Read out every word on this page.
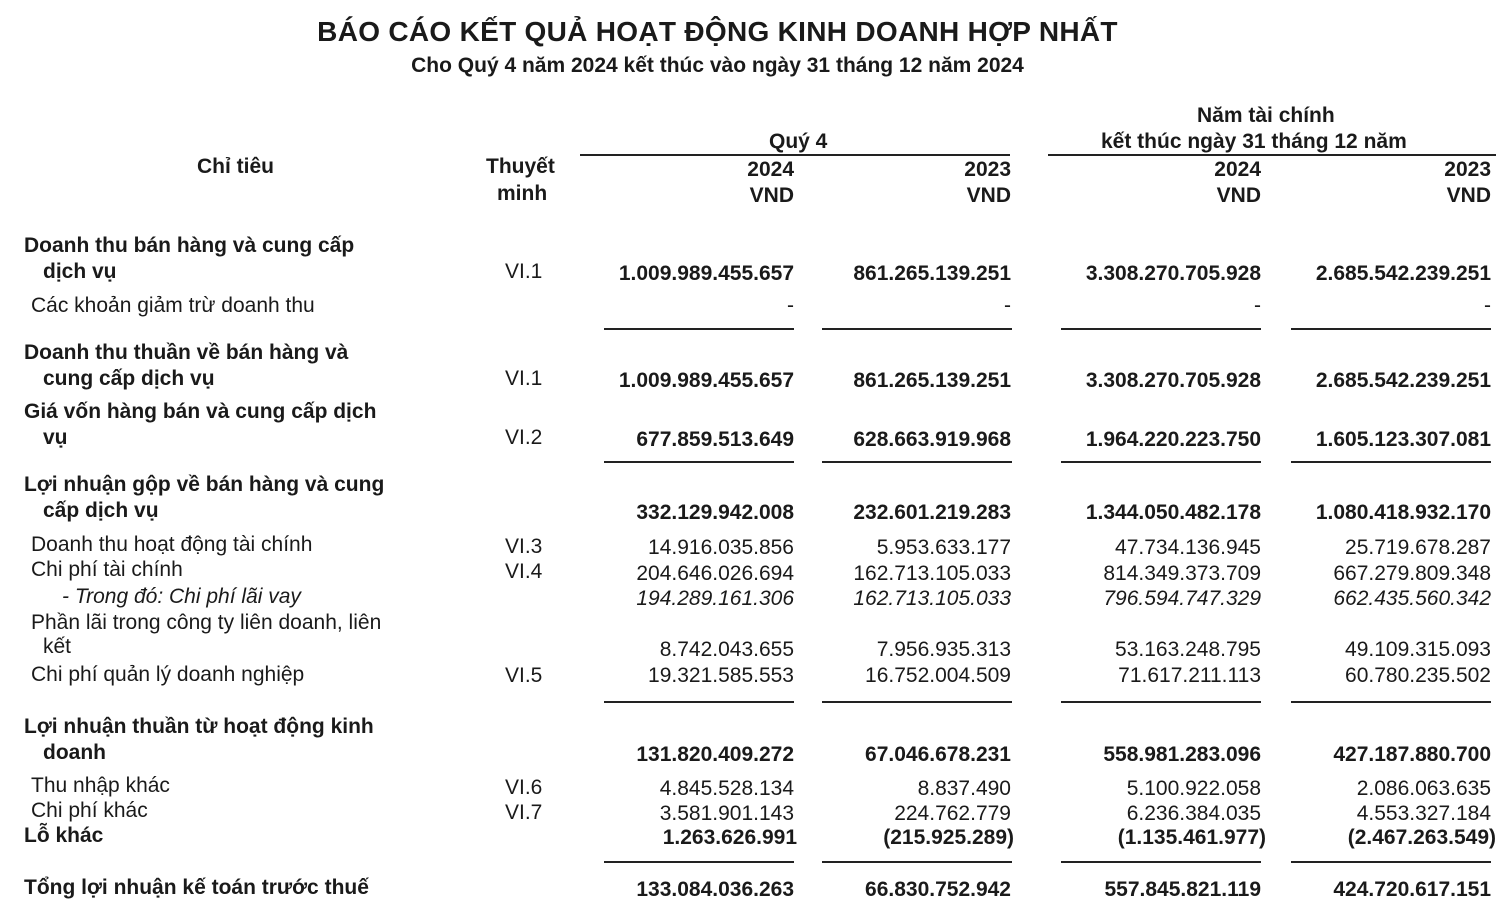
BÁO CÁO KẾT QUẢ HOẠT ĐỘNG KINH DOANH HỢP NHẤT
Cho Quý 4 năm 2024 kết thúc vào ngày 31 tháng 12 năm 2024
Chỉ tiêu	Thuyết
minh
Quý 4
Năm tài chính
kết thúc ngày 31 tháng 12 năm
2024	2023	2024	2023
VND	VND	VND	VND
Doanh thu bán hàng và cung cấp
dịch vụ	VI.1	1.009.989.455.657	861.265.139.251	3.308.270.705.928	2.685.542.239.251
Các khoản giảm trừ doanh thu	-	-	-	-
Doanh thu thuần về bán hàng và
cung cấp dịch vụ	VI.1	1.009.989.455.657	861.265.139.251	3.308.270.705.928	2.685.542.239.251
Giá vốn hàng bán và cung cấp dịch
vụ	VI.2	677.859.513.649	628.663.919.968	1.964.220.223.750	1.605.123.307.081
Lợi nhuận gộp về bán hàng và cung
cấp dịch vụ	332.129.942.008	232.601.219.283	1.344.050.482.178	1.080.418.932.170
Doanh thu hoạt động tài chính	VI.3	14.916.035.856	5.953.633.177	47.734.136.945	25.719.678.287
Chi phí tài chính	VI.4	204.646.026.694	162.713.105.033	814.349.373.709	667.279.809.348
- Trong đó: Chi phí lãi vay	194.289.161.306	162.713.105.033	796.594.747.329	662.435.560.342
Phần lãi trong công ty liên doanh, liên
kết	8.742.043.655	7.956.935.313	53.163.248.795	49.109.315.093
Chi phí quản lý doanh nghiệp	VI.5	19.321.585.553	16.752.004.509	71.617.211.113	60.780.235.502
Lợi nhuận thuần từ hoạt động kinh
doanh	131.820.409.272	67.046.678.231	558.981.283.096	427.187.880.700
Thu nhập khác	VI.6	4.845.528.134	8.837.490	5.100.922.058	2.086.063.635
Chi phí khác	VI.7	3.581.901.143	224.762.779	6.236.384.035	4.553.327.184
Lỗ khác	1.263.626.991	(215.925.289)	(1.135.461.977)	(2.467.263.549)
Tổng lợi nhuận kế toán trước thuế	133.084.036.263	66.830.752.942	557.845.821.119	424.720.617.151
